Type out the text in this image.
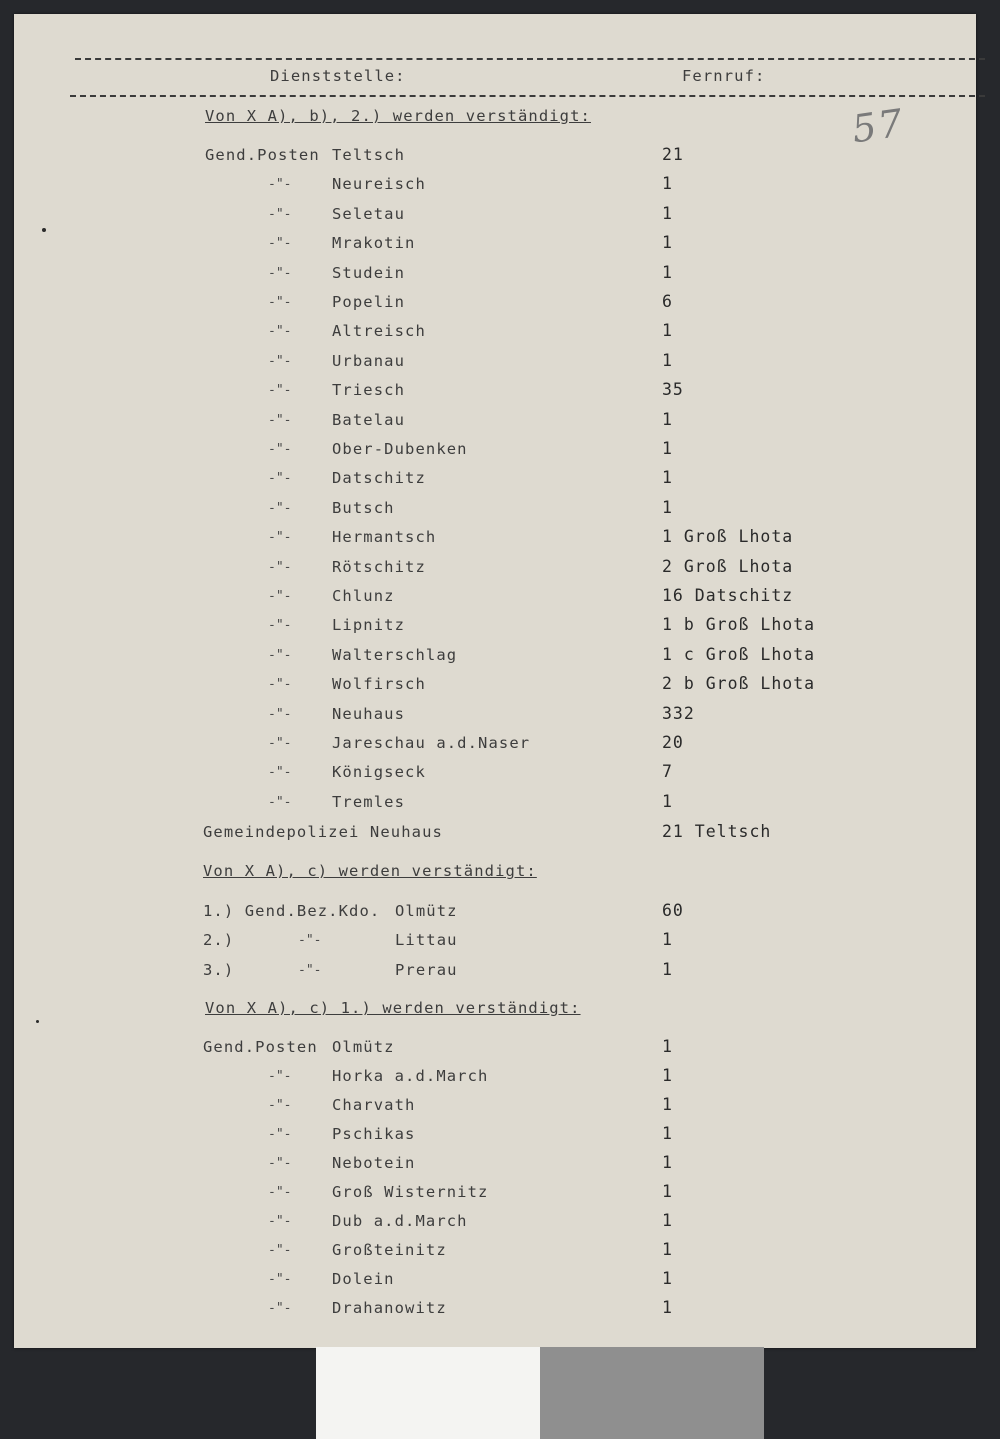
Dienststelle:	Fernruf:
57
Von X A), b), 2.) werden verständigt:
Gend.Posten Teltsch	21
-"-	Neureisch	1
-"-	Seletau	1
-"-	Mrakotin	1
-"-	Studein	1
-"-	Popelin	6
-"-	Altreisch	1
-"-	Urbanau	1
-"-	Triesch	35
-"-	Batelau	1
-"-	Ober-Dubenken	1
-"-	Datschitz	1
-"-	Butsch	1
-"-	Hermantsch	1 Groß Lhota
-"-	Rötschitz	2 Groß Lhota
-"-	Chlunz	16 Datschitz
-"-	Lipnitz	1 b Groß Lhota
-"-	Walterschlag	1 c Groß Lhota
-"-	Wolfirsch	2 b Groß Lhota
-"-	Neuhaus	332
-"-	Jareschau a.d.Naser	20
-"-	Königseck	7
-"-	Tremles	1
Gemeindepolizei Neuhaus	21 Teltsch
Von X A), c) werden verständigt:
1.) Gend.Bez.Kdo. Olmütz	60
2.)	-"-	Littau	1
3.)	-"-	Prerau	1
Von X A), c) 1.) werden verständigt:
Gend.Posten Olmütz	1
-"-	Horka a.d.March	1
-"-	Charvath	1
-"-	Pschikas	1
-"-	Nebotein	1
-"-	Groß Wisternitz	1
-"-	Dub a.d.March	1
-"-	Großteinitz	1
-"-	Dolein	1
-"-	Drahanowitz	1
